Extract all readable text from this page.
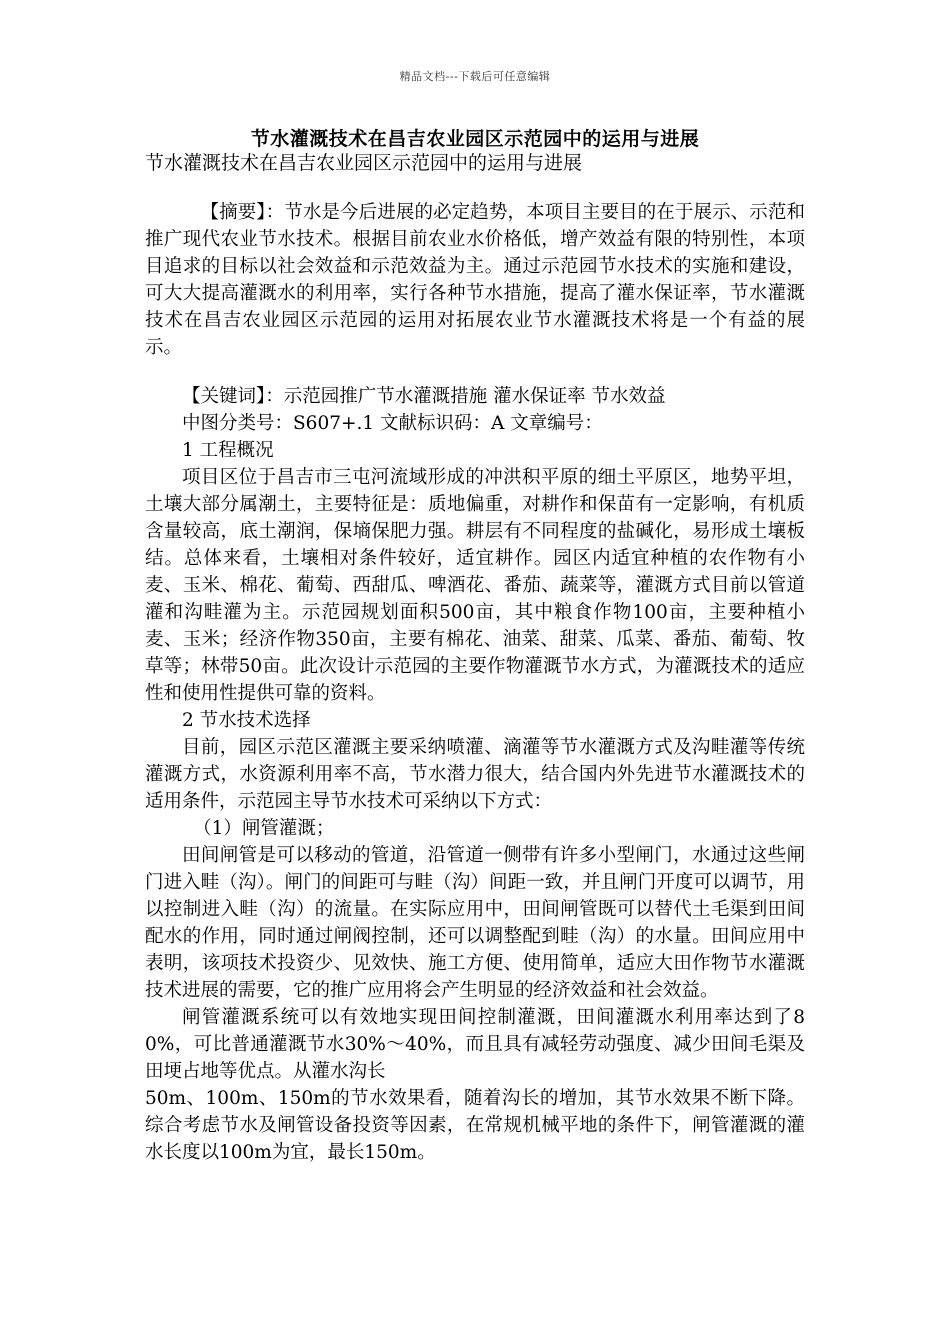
精品文档---下载后可任意编辑
节水灌溉技术在昌吉农业园区示范园中的运用与进展

节水灌溉技术在昌吉农业园区示范园中的运用与进展

【摘要】：节水是今后进展的必定趋势，本项目主要目的在于展示、示范和推广现代农业节水技术。根据目前农业水价格低，增产效益有限的特别性，本项目追求的目标以社会效益和示范效益为主。通过示范园节水技术的实施和建设，可大大提高灌溉水的利用率，实行各种节水措施，提高了灌水保证率，节水灌溉技术在昌吉农业园区示范园的运用对拓展农业节水灌溉技术将是一个有益的展示。

【关键词】：示范园推广节水灌溉措施 灌水保证率 节水效益

中图分类号：S607+.1 文献标识码：A 文章编号：

1 工程概况

项目区位于昌吉市三屯河流域形成的冲洪积平原的细土平原区，地势平坦，土壤大部分属潮土，主要特征是：质地偏重，对耕作和保苗有一定影响，有机质含量较高，底土潮润，保墒保肥力强。耕层有不同程度的盐碱化，易形成土壤板结。总体来看，土壤相对条件较好，适宜耕作。园区内适宜种植的农作物有小麦、玉米、棉花、葡萄、西甜瓜、啤酒花、番茄、蔬菜等，灌溉方式目前以管道灌和沟畦灌为主。示范园规划面积500亩，其中粮食作物100亩，主要种植小麦、玉米；经济作物350亩，主要有棉花、油菜、甜菜、瓜菜、番茄、葡萄、牧草等；林带50亩。此次设计示范园的主要作物灌溉节水方式，为灌溉技术的适应性和使用性提供可靠的资料。

2 节水技术选择

目前，园区示范区灌溉主要采纳喷灌、滴灌等节水灌溉方式及沟畦灌等传统灌溉方式，水资源利用率不高，节水潜力很大，结合国内外先进节水灌溉技术的适用条件，示范园主导节水技术可采纳以下方式：

（1）闸管灌溉；

田间闸管是可以移动的管道，沿管道一侧带有许多小型闸门，水通过这些闸门进入畦（沟）。闸门的间距可与畦（沟）间距一致，并且闸门开度可以调节，用以控制进入畦（沟）的流量。在实际应用中，田间闸管既可以替代土毛渠到田间配水的作用，同时通过闸阀控制，还可以调整配到畦（沟）的水量。田间应用中表明，该项技术投资少、见效快、施工方便、使用简单，适应大田作物节水灌溉技术进展的需要，它的推广应用将会产生明显的经济效益和社会效益。

闸管灌溉系统可以有效地实现田间控制灌溉，田间灌溉水利用率达到了80%，可比普通灌溉节水30%～40%，而且具有减轻劳动强度、减少田间毛渠及田埂占地等优点。从灌水沟长

50m、100m、150m的节水效果看，随着沟长的增加，其节水效果不断下降。综合考虑节水及闸管设备投资等因素，在常规机械平地的条件下，闸管灌溉的灌水长度以100m为宜，最长150m。
